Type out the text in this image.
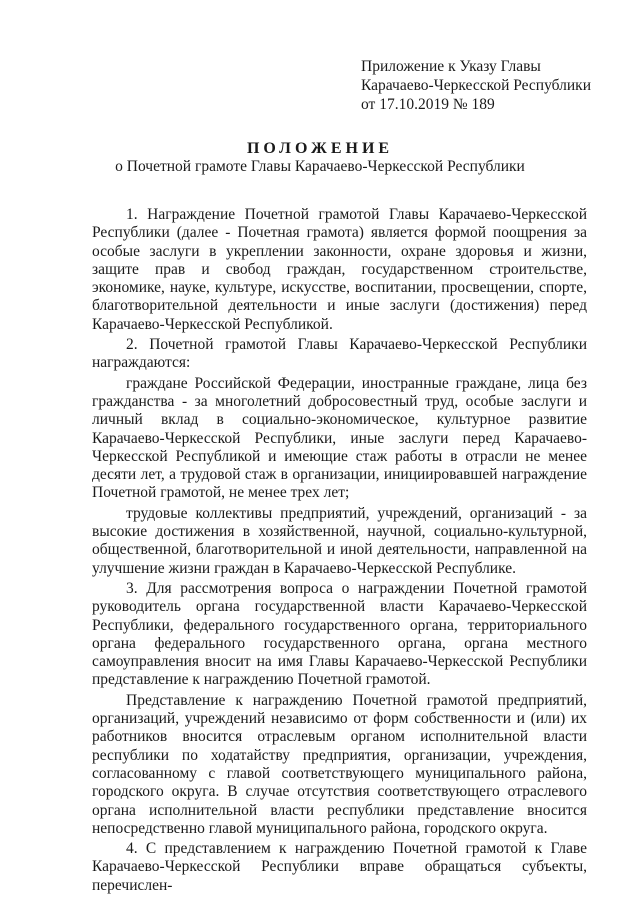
Приложение к Указу Главы
Карачаево-Черкесской Республики
от 17.10.2019 № 189
ПОЛОЖЕНИЕ
о Почетной грамоте Главы Карачаево-Черкесской Республики

1. Награждение Почетной грамотой Главы Карачаево-Черкесской Республики (далее - Почетная грамота) является формой поощрения за особые заслуги в укреплении законности, охране здоровья и жизни, защите прав и свобод граждан, государственном строительстве, экономике, науке, культуре, искусстве, воспитании, просвещении, спорте, благотворительной деятельности и иные заслуги (достижения) перед Карачаево-Черкесской Республикой.

2. Почетной грамотой Главы Карачаево-Черкесской Республики награждаются:

граждане Российской Федерации, иностранные граждане, лица без гражданства - за многолетний добросовестный труд, особые заслуги и личный вклад в социально-экономическое, культурное развитие Карачаево-Черкесской Республики, иные заслуги перед Карачаево-Черкесской Республикой и имеющие стаж работы в отрасли не менее десяти лет, а трудовой стаж в организации, инициировавшей награждение Почетной грамотой, не менее трех лет;

трудовые коллективы предприятий, учреждений, организаций - за высокие достижения в хозяйственной, научной, социально-культурной, общественной, благотворительной и иной деятельности, направленной на улучшение жизни граждан в Карачаево-Черкесской Республике.

3. Для рассмотрения вопроса о награждении Почетной грамотой руководитель органа государственной власти Карачаево-Черкесской Республики, федерального государственного органа, территориального органа федерального государственного органа, органа местного самоуправления вносит на имя Главы Карачаево-Черкесской Республики представление к награждению Почетной грамотой.

Представление к награждению Почетной грамотой предприятий, организаций, учреждений независимо от форм собственности и (или) их работников вносится отраслевым органом исполнительной власти республики по ходатайству предприятия, организации, учреждения, согласованному с главой соответствующего муниципального района, городского округа. В случае отсутствия соответствующего отраслевого органа исполнительной власти республики представление вносится непосредственно главой муниципального района, городского округа.

4. С представлением к награждению Почетной грамотой к Главе Карачаево-Черкесской Республики вправе обращаться субъекты, перечислен-
